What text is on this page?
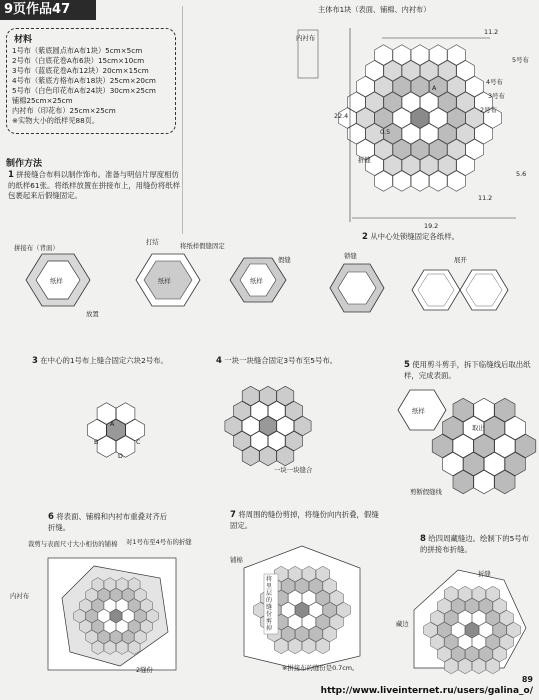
9页作品47
材料
1号布（紫底圆点布A布1块）5cm×5cm
2号布（白底花卷A布6块）15cm×10cm
3号布（蓝底花卷A布12块）20cm×15cm
4号布（紫底方格布A布18块）25cm×20cm
5号布（白色印花布A布24块）30cm×25cm
铺棉25cm×25cm
内衬布（印花布）25cm×25cm
※实物大小的纸样见88页。
制作方法
1 拼接缝合布料以制作饰布。准备与明信片厚度相仿的纸样61张。将纸样放置在拼接布上，用缝份将纸样包裹起来后假缝固定。
主体布1块（表面、铺棉、内衬布）
内衬布
11.2
5号布
4号布
3号布
2号布
A
22.4
0.5
折缝
5.6
11.2
19.2
拼接布（背面）
纸样
放置
打结	将纸样假缝固定
纸样	纸样
假缝
2 从中心处锁缝固定各纸样。
锁缝	展开
3 在中心的1号布上缝合固定六块2号布。
A
B	C
D
4 一块一块缝合固定3号布至5号布。
一块一块缝合
5 使用剪斗剪手，拆下临缝线后取出纸样，完成表面。
纸样
取出
剪断假缝线
6 将表面、铺棉和内衬布重叠对齐后折缝。
裁剪与表面尺寸大小相仿的铺棉 对1号布至4号布的折缝
内衬布
2缝份
7 将周围的缝份剪掉，将缝份向内折叠，假缝固定。
铺棉
※拼接布的缝份是0.7cm。
将里层的缝份剪掉
8 给四周藏缝边。绘制下的5号布的拼接布折缝。
折缝
藏边
89
http://www.liveinternet.ru/users/galina_o/
